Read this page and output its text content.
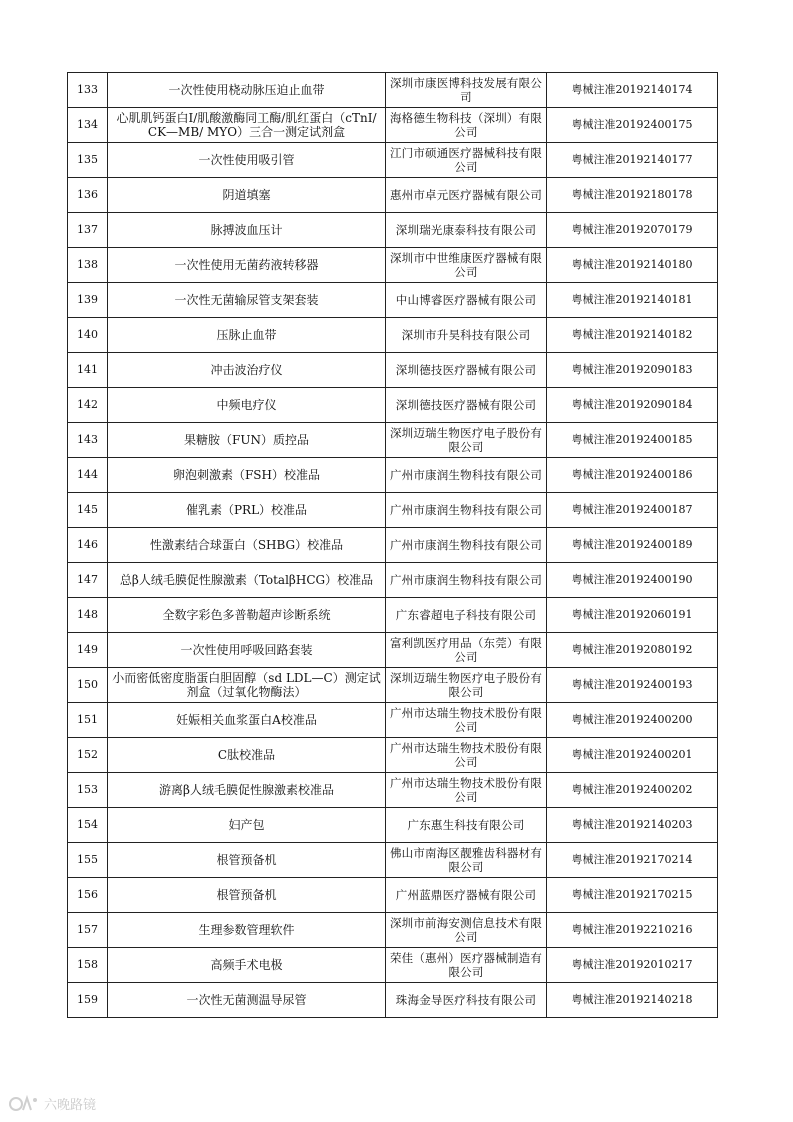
133	一次性使用桡动脉压迫止血带	深圳市康医博科技发展有限公司	粤械注准20192140174
134	心肌肌钙蛋白I/肌酸激酶同工酶/肌红蛋白（cTnI/ CK—MB/ MYO）三合一测定试剂盒	海格德生物科技（深圳）有限公司	粤械注准20192400175
135	一次性使用吸引管	江门市硕通医疗器械科技有限公司	粤械注准20192140177
136	阴道填塞	惠州市卓元医疗器械有限公司	粤械注准20192180178
137	脉搏波血压计	深圳瑞光康泰科技有限公司	粤械注准20192070179
138	一次性使用无菌药液转移器	深圳市中世维康医疗器械有限公司	粤械注准20192140180
139	一次性无菌输尿管支架套装	中山博睿医疗器械有限公司	粤械注准20192140181
140	压脉止血带	深圳市升昊科技有限公司	粤械注准20192140182
141	冲击波治疗仪	深圳德技医疗器械有限公司	粤械注准20192090183
142	中频电疗仪	深圳德技医疗器械有限公司	粤械注准20192090184
143	果糖胺（FUN）质控品	深圳迈瑞生物医疗电子股份有限公司	粤械注准20192400185
144	卵泡刺激素（FSH）校准品	广州市康润生物科技有限公司	粤械注准20192400186
145	催乳素（PRL）校准品	广州市康润生物科技有限公司	粤械注准20192400187
146	性激素结合球蛋白（SHBG）校准品	广州市康润生物科技有限公司	粤械注准20192400189
147	总β人绒毛膜促性腺激素（TotalβHCG）校准品	广州市康润生物科技有限公司	粤械注准20192400190
148	全数字彩色多普勒超声诊断系统	广东睿超电子科技有限公司	粤械注准20192060191
149	一次性使用呼吸回路套装	富利凯医疗用品（东莞）有限公司	粤械注准20192080192
150	小而密低密度脂蛋白胆固醇（sd LDL—C）测定试剂盒（过氧化物酶法）	深圳迈瑞生物医疗电子股份有限公司	粤械注准20192400193
151	妊娠相关血浆蛋白A校准品	广州市达瑞生物技术股份有限公司	粤械注准20192400200
152	C肽校准品	广州市达瑞生物技术股份有限公司	粤械注准20192400201
153	游离β人绒毛膜促性腺激素校准品	广州市达瑞生物技术股份有限公司	粤械注准20192400202
154	妇产包	广东惠生科技有限公司	粤械注准20192140203
155	根管预备机	佛山市南海区靓雅齿科器材有限公司	粤械注准20192170214
156	根管预备机	广州蓝鼎医疗器械有限公司	粤械注准20192170215
157	生理参数管理软件	深圳市前海安测信息技术有限公司	粤械注准20192210216
158	高频手术电极	荣佳（惠州）医疗器械制造有限公司	粤械注准20192010217
159	一次性无菌测温导尿管	珠海金导医疗科技有限公司	粤械注准20192140218
六晚路镜
